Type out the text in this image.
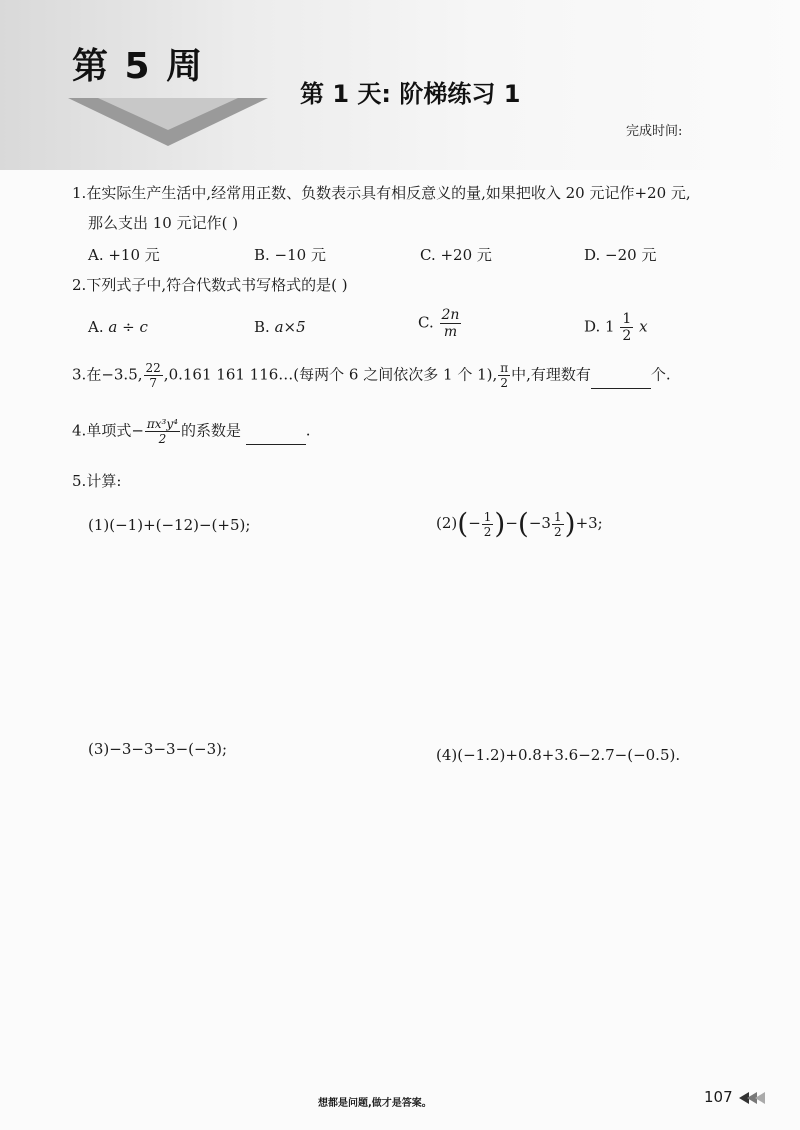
第 5 周
第 1 天: 阶梯练习 1
完成时间:
1.在实际生产生活中,经常用正数、负数表示具有相反意义的量,如果把收入 20 元记作+20 元,
那么支出 10 元记作( )
A. +10 元	B. −10 元	C. +20 元	D. −20 元
2.下列式子中,符合代数式书写格式的是( )
A. a ÷ c	B. a×5	C. $\frac{2n}{m}$	D. $1 \frac{1}{2}$ x
3.在−3.5, $\frac{22}{7} ,0.161$ 161 116…(每两个 6 之间依次多 1 个 1), $\frac{\pi}{2}$ 中,有理数有	个.
4.单项式− $\frac{\text{πx³y⁴}}{2}$ 的系数是	.
5.计算:
(1)(−1)+(−12)−(+5);	$(2)(- \frac{1}{2} )-(-3 \frac{1}{2} )+3$;
(3)−3−3−3−(−3);	(4)(−1.2)+0.8+3.6−2.7−(−0.5).
想都是问题,做才是答案。	107
